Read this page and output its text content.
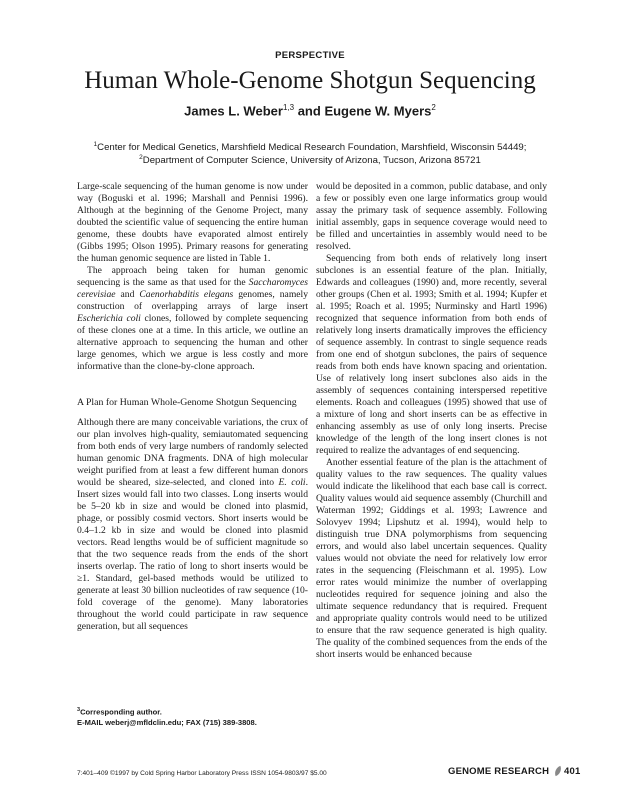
PERSPECTIVE
Human Whole-Genome Shotgun Sequencing
James L. Weber$^{1,3}$ and Eugene W. Myers$^2$
$^1$Center for Medical Genetics, Marshfield Medical Research Foundation, Marshfield, Wisconsin 54449;
$^2$Department of Computer Science, University of Arizona, Tucson, Arizona 85721

Large-scale sequencing of the human genome is now under way (Boguski et al. 1996; Marshall and Pennisi 1996). Although at the beginning of the Genome Project, many doubted the scientific value of sequencing the entire human genome, these doubts have evaporated almost entirely (Gibbs 1995; Olson 1995). Primary reasons for generating the human genomic sequence are listed in Table 1.

The approach being taken for human genomic sequencing is the same as that used for the Saccharomyces cerevisiae and Caenorhabditis elegans genomes, namely construction of overlapping arrays of large insert Escherichia coli clones, followed by complete sequencing of these clones one at a time. In this article, we outline an alternative approach to sequencing the human and other large genomes, which we argue is less costly and more informative than the clone-by-clone approach.

A Plan for Human Whole-Genome Shotgun Sequencing

Although there are many conceivable variations, the crux of our plan involves high-quality, semiautomated sequencing from both ends of very large numbers of randomly selected human genomic DNA fragments. DNA of high molecular weight purified from at least a few different human donors would be sheared, size-selected, and cloned into E. coli. Insert sizes would fall into two classes. Long inserts would be 5–20 kb in size and would be cloned into plasmid, phage, or possibly cosmid vectors. Short inserts would be 0.4–1.2 kb in size and would be cloned into plasmid vectors. Read lengths would be of sufficient magnitude so that the two sequence reads from the ends of the short inserts overlap. The ratio of long to short inserts would be ≥1. Standard, gel-based methods would be utilized to generate at least 30 billion nucleotides of raw sequence (10-fold coverage of the genome). Many laboratories throughout the world could participate in raw sequence generation, but all sequences

would be deposited in a common, public database, and only a few or possibly even one large informatics group would assay the primary task of sequence assembly. Following initial assembly, gaps in sequence coverage would need to be filled and uncertainties in assembly would need to be resolved.

Sequencing from both ends of relatively long insert subclones is an essential feature of the plan. Initially, Edwards and colleagues (1990) and, more recently, several other groups (Chen et al. 1993; Smith et al. 1994; Kupfer et al. 1995; Roach et al. 1995; Nurminsky and Hartl 1996) recognized that sequence information from both ends of relatively long inserts dramatically improves the efficiency of sequence assembly. In contrast to single sequence reads from one end of shotgun subclones, the pairs of sequence reads from both ends have known spacing and orientation. Use of relatively long insert subclones also aids in the assembly of sequences containing interspersed repetitive elements. Roach and colleagues (1995) showed that use of a mixture of long and short inserts can be as effective in enhancing assembly as use of only long inserts. Precise knowledge of the length of the long insert clones is not required to realize the advantages of end sequencing.

Another essential feature of the plan is the attachment of quality values to the raw sequences. The quality values would indicate the likelihood that each base call is correct. Quality values would aid sequence assembly (Churchill and Waterman 1992; Giddings et al. 1993; Lawrence and Solovyev 1994; Lipshutz et al. 1994), would help to distinguish true DNA polymorphisms from sequencing errors, and would also label uncertain sequences. Quality values would not obviate the need for relatively low error rates in the sequencing (Fleischmann et al. 1995). Low error rates would minimize the number of overlapping nucleotides required for sequence joining and also the ultimate sequence redundancy that is required. Frequent and appropriate quality controls would need to be utilized to ensure that the raw sequence generated is high quality. The quality of the combined sequences from the ends of the short inserts would be enhanced because

$^3$Corresponding author.
E-MAIL weberj@mfldclin.edu; FAX (715) 389-3808.
7:401–409 ©1997 by Cold Spring Harbor Laboratory Press ISSN 1054-9803/97 $5.00	GENOME RESEARCH 401
